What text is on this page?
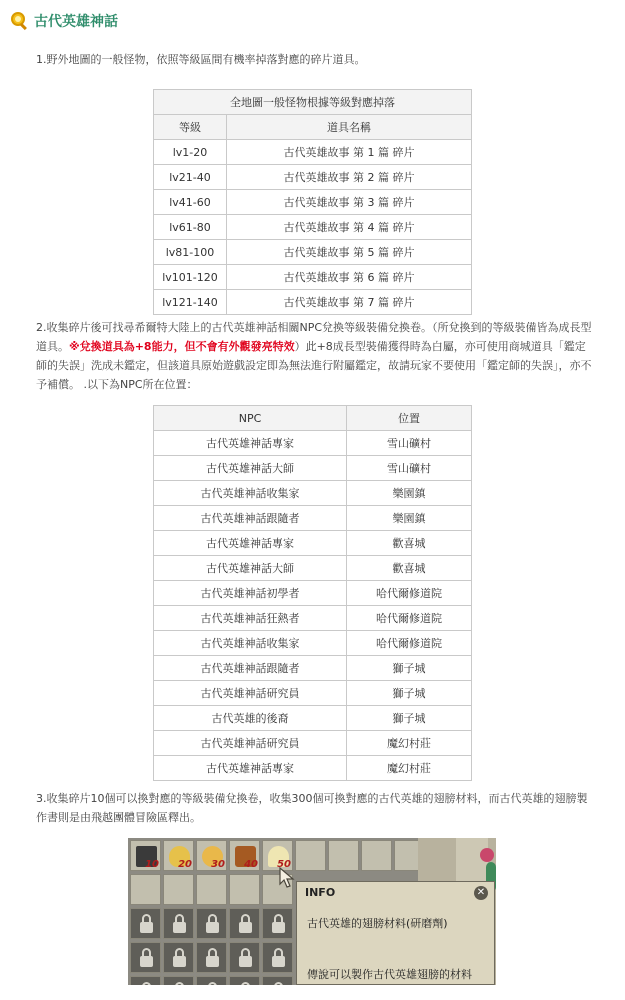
古代英雄神話
1.野外地圖的一般怪物，依照等級區間有機率掉落對應的碎片道具。
全地圖一般怪物根據等級對應掉落	
等級	道具名稱
lv1-20	古代英雄故事 第 1 篇 碎片
lv21-40	古代英雄故事 第 2 篇 碎片
lv41-60	古代英雄故事 第 3 篇 碎片
lv61-80	古代英雄故事 第 4 篇 碎片
lv81-100	古代英雄故事 第 5 篇 碎片
lv101-120	古代英雄故事 第 6 篇 碎片
lv121-140	古代英雄故事 第 7 篇 碎片
2.收集碎片後可找尋希爾特大陸上的古代英雄神話相關NPC兌換等級裝備兌換卷。（所兌換到的等級裝備皆為成長型道具。※兌換道具為+8能力，但不會有外觀發亮特效）此+8成長型裝備獲得時為白屬，亦可使用商城道具「鑑定師的失誤」洗成未鑑定，但該道具原始遊戲設定即為無法進行附屬鑑定，故請玩家不要使用「鑑定師的失誤」，亦不予補償。 .以下為NPC所在位置：
NPC	位置
古代英雄神話專家	雪山礦村
古代英雄神話大師	雪山礦村
古代英雄神話收集家	樂園鎮
古代英雄神話跟隨者	樂園鎮
古代英雄神話專家	歡喜城
古代英雄神話大師	歡喜城
古代英雄神話初學者	哈代爾修道院
古代英雄神話狂熱者	哈代爾修道院
古代英雄神話收集家	哈代爾修道院
古代英雄神話跟隨者	獅子城
古代英雄神話研究員	獅子城
古代英雄的後裔	獅子城
古代英雄神話研究員	魔幻村莊
古代英雄神話專家	魔幻村莊
3.收集碎片10個可以換對應的等級裝備兌換卷，收集300個可換對應的古代英雄的翅膀材料，而古代英雄的翅膀製作書則是由飛越團體冒險區釋出。
10 20 30 40 50
INFO	✕
古代英雄的翅膀材料(研磨劑)
傳說可以製作古代英雄翅膀的材料
